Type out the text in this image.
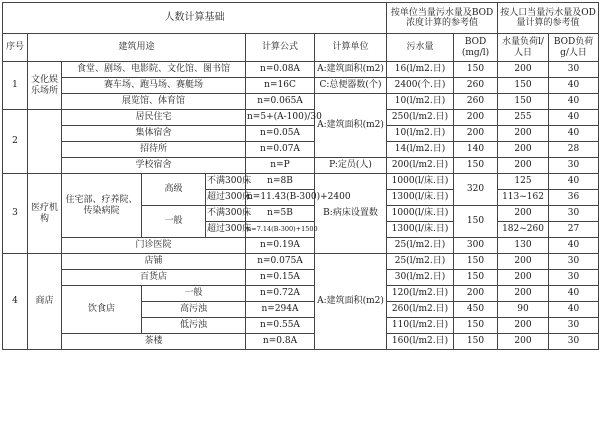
人数计算基础							按单位当量污水量及BOD浓度计算的参考值		按人口当量污水量及OD量计算的参考值	
序号	建筑用途				计算公式	计算单位	污水量	BOD (mg/l)	水量负荷l/人日	BOD负荷g/人日
1	文化娱乐场所	食堂、剧场、电影院、文化馆、图书馆			n=0.08A	A:建筑面积(m2)	16(l/m2.日)	150	200	30
		赛车场、跑马场、赛艇场			n=16C	C:总便器数(个)	2400(个.日)	260	150	40
		展览馆、体育馆			n=0.065A	A:建筑面积(m2)	10(l/m2.日)	260	150	40
2		居民住宅			n=5+(A-100)/30		250(l/m2.日)	200	255	40
		集体宿舍			n=0.05A		10(l/m2.日)	200	200	40
		招待所			n=0.07A		14(l/m2.日)	140	200	28
		学校宿舍			n=P	P:定员(人)	200(l/m2.日)	150	200	30
3	医疗机构	住宅部、疗养院、传染病院	高级	不满300床	n=8B	B:病床设置数	1000(l/床.日)	320	125	40
				超过300床	n=11.43(B-300)+2400		1300(l/床.日)		113~162	36
			一般	不满300床	n=5B		1000(l/床.日)	150	200	30
				超过300床	n=7.14(B-300)+1500		1300(l/床.日)		182~260	27
		门诊医院			n=0.19A		25(l/m2.日)	300	130	40
4	商店	店铺			n=0.075A	A:建筑面积(m2)	25(l/m2.日)	150	200	30
		百货店			n=0.15A		30(l/m2.日)	150	200	30
		饮食店	一般		n=0.72A		120(l/m2.日)	200	200	40
			高污浊		n=294A		260(l/m2.日)	450	90	40
			低污浊		n=0.55A		110(l/m2.日)	150	200	30
		茶楼			n=0.8A		160(l/m2.日)	150	200	30
